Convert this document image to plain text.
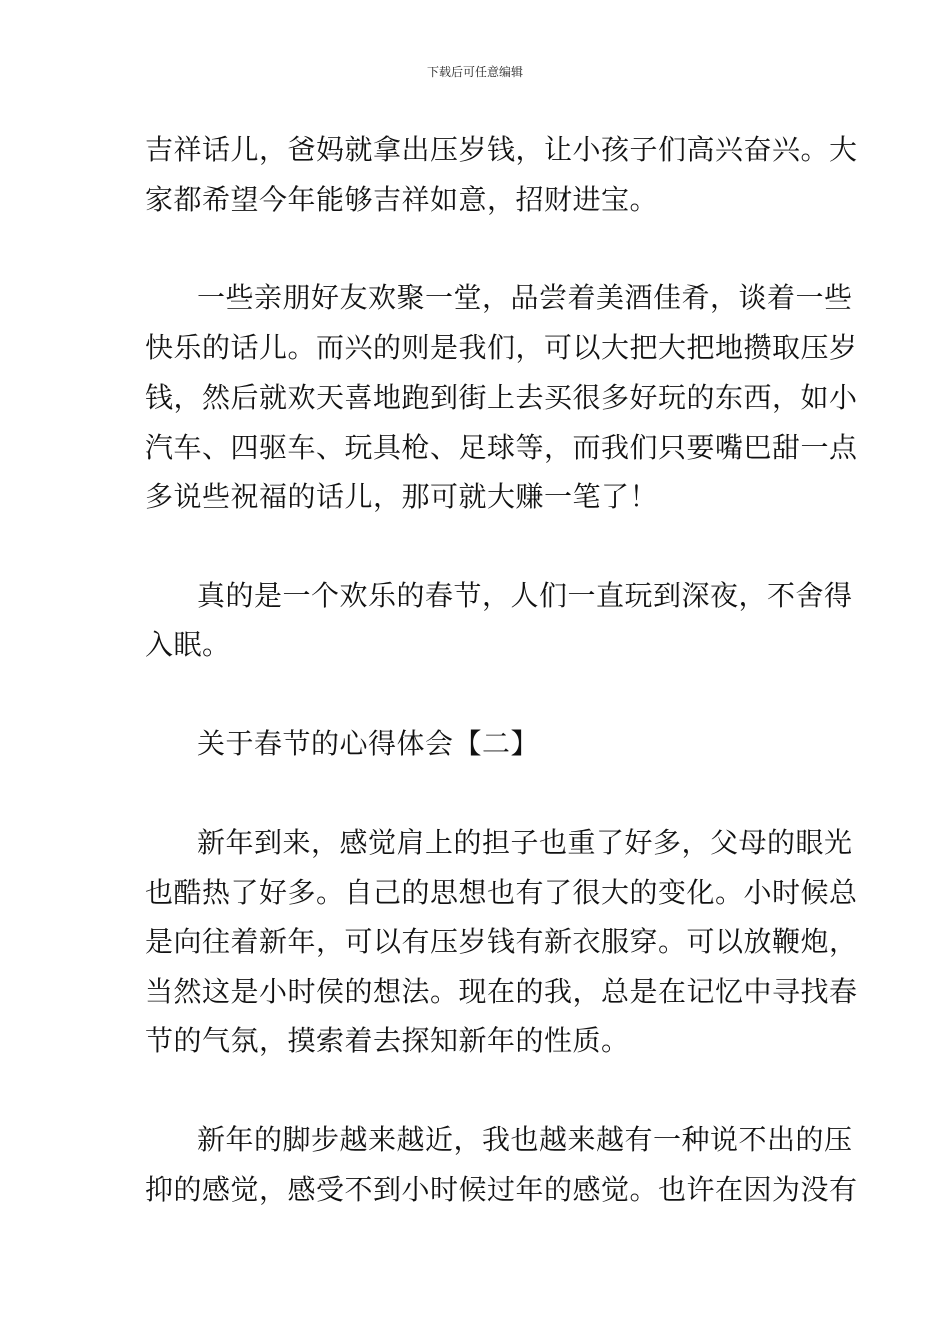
下载后可任意编辑
吉祥话儿，爸妈就拿出压岁钱，让小孩子们高兴奋兴。大
家都希望今年能够吉祥如意，招财进宝。
一些亲朋好友欢聚一堂，品尝着美酒佳肴，谈着一些
快乐的话儿。而兴的则是我们，可以大把大把地攒取压岁
钱，然后就欢天喜地跑到街上去买很多好玩的东西，如小
汽车、四驱车、玩具枪、足球等，而我们只要嘴巴甜一点
多说些祝福的话儿，那可就大赚一笔了！
真的是一个欢乐的春节，人们一直玩到深夜，不舍得
入眠。
关于春节的心得体会【二】
新年到来，感觉肩上的担子也重了好多，父母的眼光
也酷热了好多。自己的思想也有了很大的变化。小时候总
是向往着新年，可以有压岁钱有新衣服穿。可以放鞭炮，
当然这是小时侯的想法。现在的我，总是在记忆中寻找春
节的气氛，摸索着去探知新年的性质。
新年的脚步越来越近，我也越来越有一种说不出的压
抑的感觉，感受不到小时候过年的感觉。也许在因为没有
